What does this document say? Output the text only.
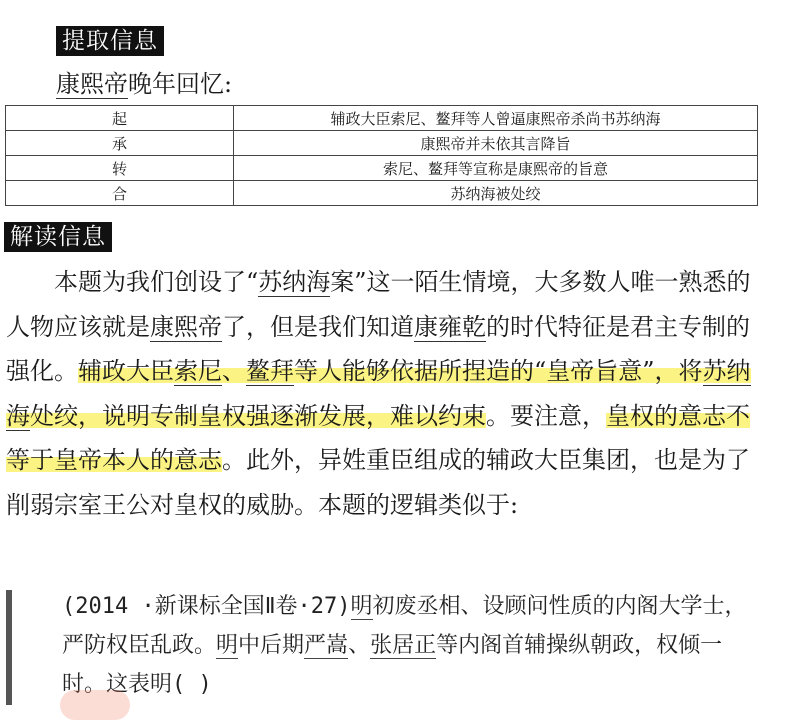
提取信息
康熙帝晚年回忆:
起	辅政大臣索尼、鳌拜等人曾逼康熙帝杀尚书苏纳海
承	康熙帝并未依其言降旨
转	索尼、鳌拜等宣称是康熙帝的旨意
合	苏纳海被处绞
解读信息

本题为我们创设了“苏纳海案”这一陌生情境，大多数人唯一熟悉的人物应该就是康熙帝了，但是我们知道康雍乾的时代特征是君主专制的强化。辅政大臣索尼、鳌拜等人能够依据所捏造的“皇帝旨意”，将苏纳海处绞，说明专制皇权强逐渐发展，难以约束。要注意，皇权的意志不等于皇帝本人的意志。此外，异姓重臣组成的辅政大臣集团，也是为了削弱宗室王公对皇权的威胁。本题的逻辑类似于:

(2014 ·新课标全国Ⅱ卷·27)明初废丞相、设顾问性质的内阁大学士，严防权臣乱政。明中后期严嵩、张居正等内阁首辅操纵朝政，权倾一时。这表明( )
